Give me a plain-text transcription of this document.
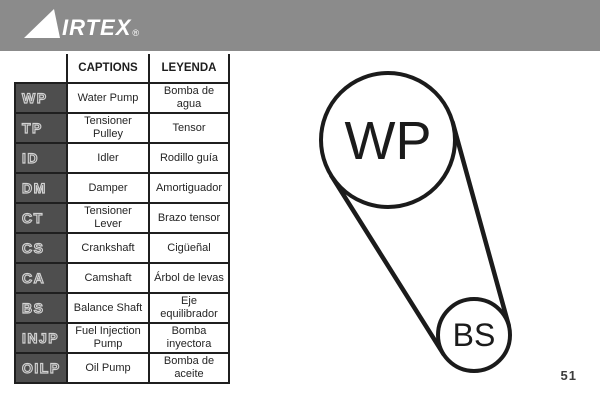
IRTEX ®
	CAPTIONS	LEYENDA
WP	Water Pump	Bomba de agua
TP	Tensioner Pulley	Tensor
ID	Idler	Rodillo guía
DM	Damper	Amortiguador
CT	Tensioner Lever	Brazo tensor
CS	Crankshaft	Cigüeñal
CA	Camshaft	Árbol de levas
BS	Balance Shaft	Eje equilibrador
INJP	Fuel Injection Pump	Bomba inyectora
OILP	Oil Pump	Bomba de aceite
WP
BS
51
